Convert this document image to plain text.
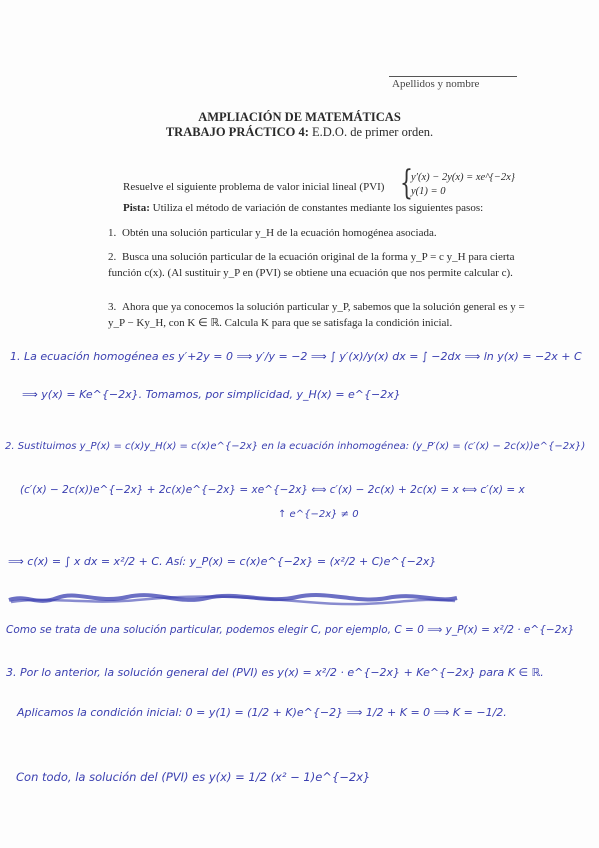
Apellidos y nombre
AMPLIACIÓN DE MATEMÁTICAS
TRABAJO PRÁCTICO 4: E.D.O. de primer orden.
Resuelve el siguiente problema de valor inicial lineal (PVI) {
y′(x) − 2y(x) = xe^{−2x}
y(1) = 0
Pista: Utiliza el método de variación de constantes mediante los siguientes pasos:
1. Obtén una solución particular y_H de la ecuación homogénea asociada.
2. Busca una solución particular de la ecuación original de la forma y_P = c y_H para cierta función c(x). (Al sustituir y_P en (PVI) se obtiene una ecuación que nos permite calcular c).
3. Ahora que ya conocemos la solución particular y_P, sabemos que la solución general es y = y_P − Ky_H, con K ∈ ℝ. Calcula K para que se satisfaga la condición inicial.
1. La ecuación homogénea es y′+2y = 0 ⟹ y′/y = −2 ⟹ ∫ y′(x)/y(x) dx = ∫ −2dx ⟹ ln y(x) = −2x + C
⟹ y(x) = Ke^{−2x}. Tomamos, por simplicidad, y_H(x) = e^{−2x}
2. Sustituimos y_P(x) = c(x)y_H(x) = c(x)e^{−2x} en la ecuación inhomogénea: (y_P′(x) = (c′(x) − 2c(x))e^{−2x})
(c′(x) − 2c(x))e^{−2x} + 2c(x)e^{−2x} = xe^{−2x} ⟺ c′(x) − 2c(x) + 2c(x) = x ⟺ c′(x) = x
↑ e^{−2x} ≠ 0
⟹ c(x) = ∫ x dx = x²/2 + C. Así: y_P(x) = c(x)e^{−2x} = (x²/2 + C)e^{−2x}
Como se trata de una solución particular, podemos elegir C, por ejemplo, C = 0 ⟹ y_P(x) = x²/2 · e^{−2x}
3. Por lo anterior, la solución general del (PVI) es y(x) = x²/2 · e^{−2x} + Ke^{−2x} para K ∈ ℝ.
Aplicamos la condición inicial: 0 = y(1) = (1/2 + K)e^{−2} ⟹ 1/2 + K = 0 ⟹ K = −1/2.
Con todo, la solución del (PVI) es y(x) = 1/2 (x² − 1)e^{−2x}
